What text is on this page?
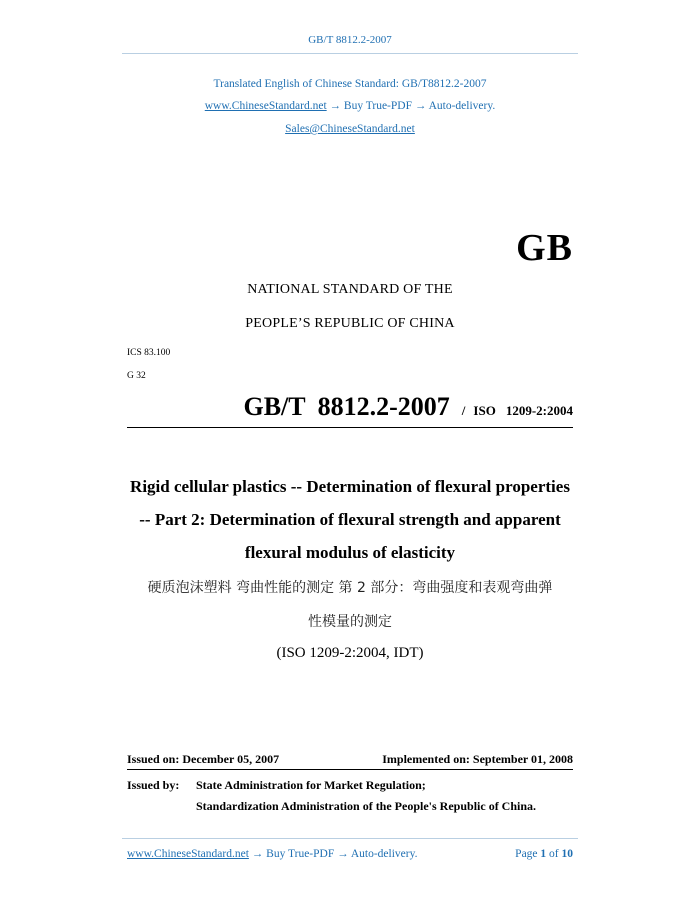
GB/T 8812.2-2007
Translated English of Chinese Standard: GB/T8812.2-2007
www.ChineseStandard.net → Buy True-PDF → Auto-delivery.
Sales@ChineseStandard.net
GB
NATIONAL STANDARD OF THE
PEOPLE’S REPUBLIC OF CHINA
ICS 83.100
G 32
GB/T 8812.2-2007 / ISO 1209-2:2004
Rigid cellular plastics -- Determination of flexural properties
-- Part 2: Determination of flexural strength and apparent
flexural modulus of elasticity
硬质泡沫塑料 弯曲性能的测定 第 2 部分：弯曲强度和表观弯曲弹
性模量的测定
(ISO 1209-2:2004, IDT)
Issued on: December 05, 2007	Implemented on: September 01, 2008
Issued by: State Administration for Market Regulation;
Standardization Administration of the People's Republic of China.
www.ChineseStandard.net → Buy True-PDF → Auto-delivery.	Page 1 of 10
